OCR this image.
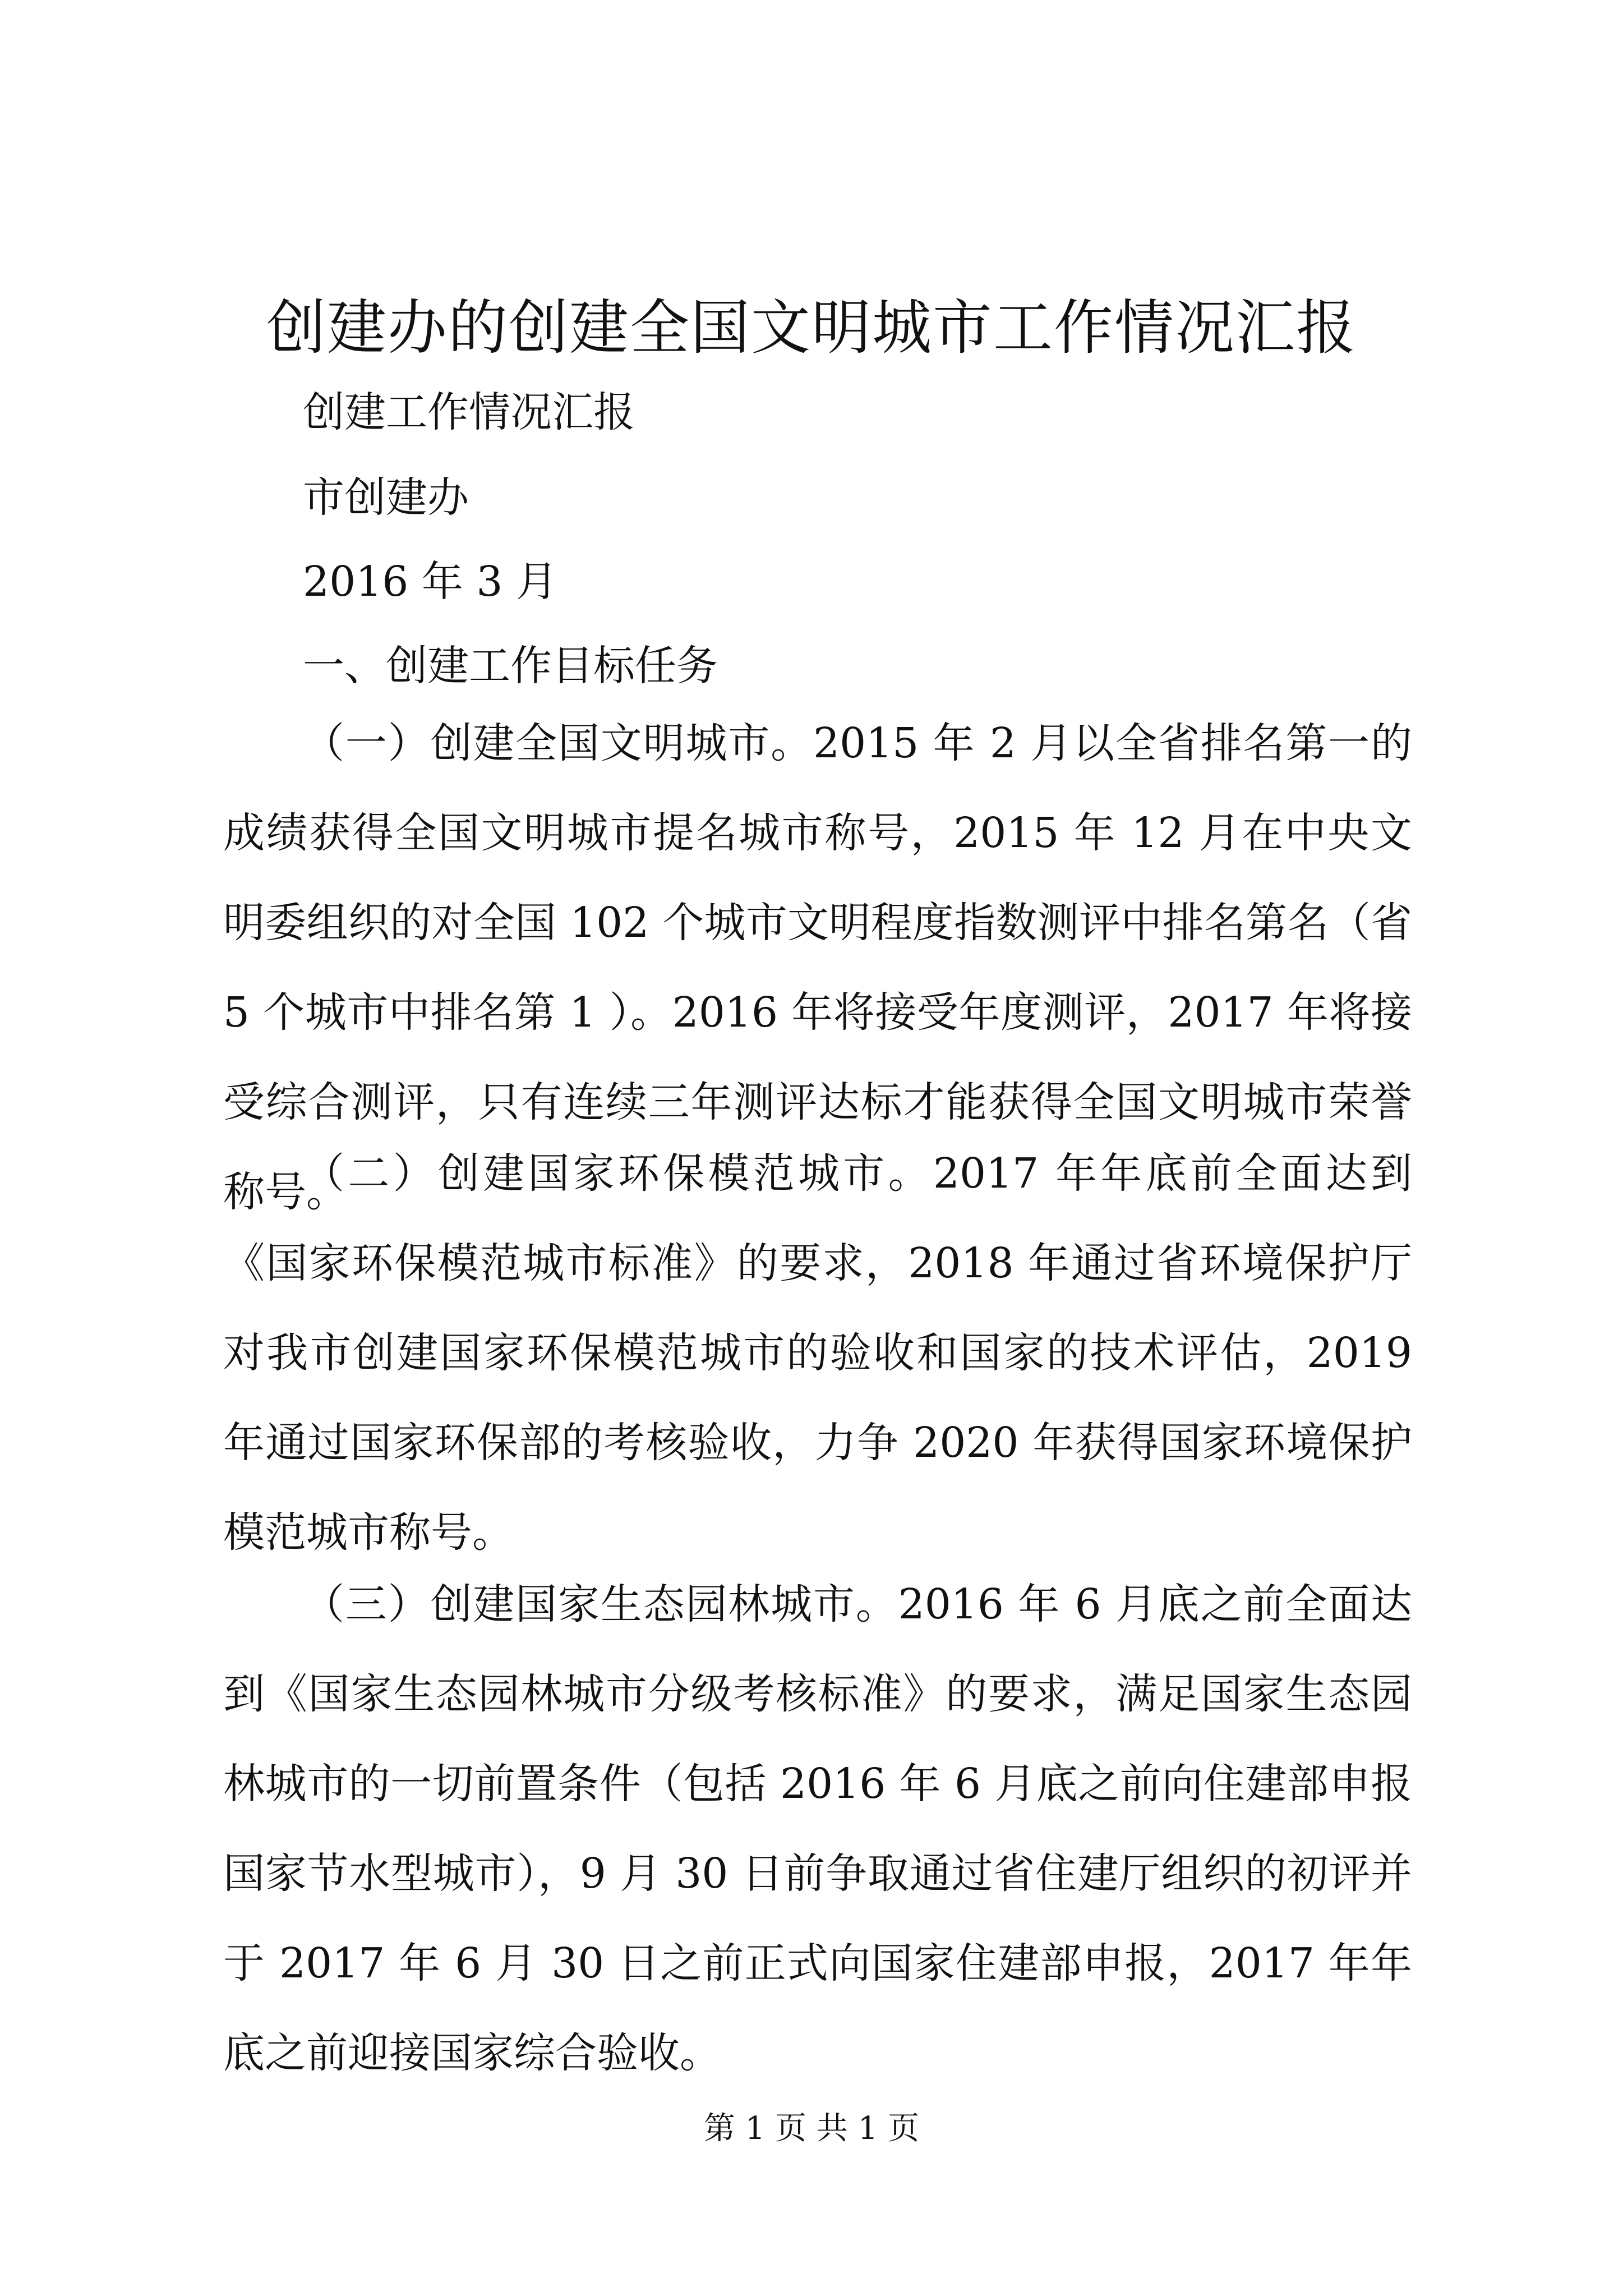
创建办的创建全国文明城市工作情况汇报

创建工作情况汇报

市创建办

2016 年 3 月

一、创建工作目标任务

（一）创建全国文明城市。2015 年 2 月以全省排名第一的成绩获得全国文明城市提名城市称号，2015 年 12 月在中央文明委组织的对全国 102 个城市文明程度指数测评中排名第名（省 5 个城市中排名第 1 ）。2016 年将接受年度测评，2017 年将接受综合测评，只有连续三年测评达标才能获得全国文明城市荣誉称号。

（二）创建国家环保模范城市。2017 年年底前全面达到《国家环保模范城市标准》的要求，2018 年通过省环境保护厅对我市创建国家环保模范城市的验收和国家的技术评估，2019 年通过国家环保部的考核验收，力争 2020 年获得国家环境保护模范城市称号。

（三）创建国家生态园林城市。2016 年 6 月底之前全面达到《国家生态园林城市分级考核标准》的要求，满足国家生态园林城市的一切前置条件（包括 2016 年 6 月底之前向住建部申报国家节水型城市），9 月 30 日前争取通过省住建厅组织的初评并于 2017 年 6 月 30 日之前正式向国家住建部申报，2017 年年底之前迎接国家综合验收。

第 1 页 共 1 页
